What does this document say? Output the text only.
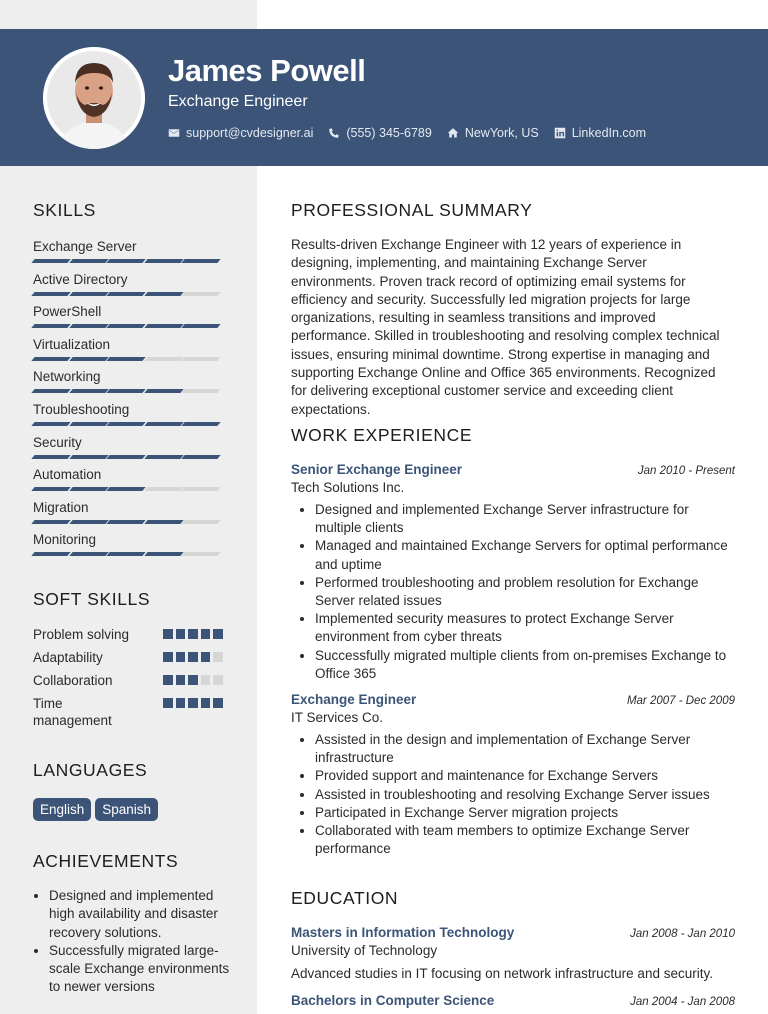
James Powell
Exchange Engineer
support@cvdesigner.ai	(555) 345-6789	NewYork, US	LinkedIn.com
SKILLS
Exchange Server
Active Directory
PowerShell
Virtualization
Networking
Troubleshooting
Security
Automation
Migration
Monitoring
SOFT SKILLS
Problem solving
Adaptability
Collaboration
Time management
LANGUAGES
English	Spanish
ACHIEVEMENTS
• Designed and implemented high availability and disaster recovery solutions.
• Successfully migrated large-scale Exchange environments to newer versions
PROFESSIONAL SUMMARY

Results-driven Exchange Engineer with 12 years of experience in designing, implementing, and maintaining Exchange Server environments. Proven track record of optimizing email systems for efficiency and security. Successfully led migration projects for large organizations, resulting in seamless transitions and improved performance. Skilled in troubleshooting and resolving complex technical issues, ensuring minimal downtime. Strong expertise in managing and supporting Exchange Online and Office 365 environments. Recognized for delivering exceptional customer service and exceeding client expectations.

WORK EXPERIENCE
Senior Exchange Engineer	Jan 2010 - Present
Tech Solutions Inc.
• Designed and implemented Exchange Server infrastructure for multiple clients
• Managed and maintained Exchange Servers for optimal performance and uptime
• Performed troubleshooting and problem resolution for Exchange Server related issues
• Implemented security measures to protect Exchange Server environment from cyber threats
• Successfully migrated multiple clients from on-premises Exchange to Office 365
Exchange Engineer	Mar 2007 - Dec 2009
IT Services Co.
• Assisted in the design and implementation of Exchange Server infrastructure
• Provided support and maintenance for Exchange Servers
• Assisted in troubleshooting and resolving Exchange Server issues
• Participated in Exchange Server migration projects
• Collaborated with team members to optimize Exchange Server performance
EDUCATION
Masters in Information Technology	Jan 2008 - Jan 2010
University of Technology
Advanced studies in IT focusing on network infrastructure and security.
Bachelors in Computer Science	Jan 2004 - Jan 2008
